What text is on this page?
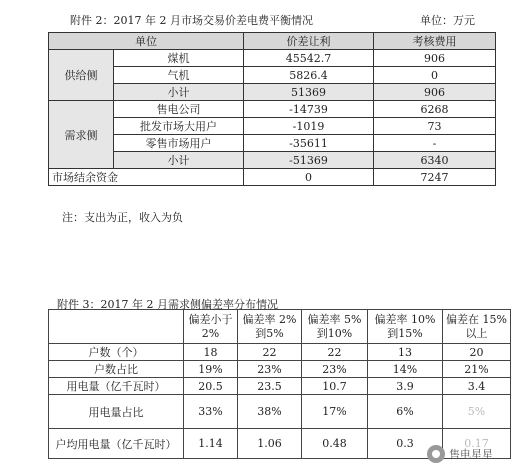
附件 2：2017 年 2 月市场交易价差电费平衡情况	单位：万元
单位		价差让利	考核费用
供给侧	煤机	45542.7	906
	气机	5826.4	0
	小计	51369	906
需求侧	售电公司	-14739	6268
	批发市场大用户	-1019	73
	零售市场用户	-35611	-
	小计	-51369	6340
市场结余资金		0	7247
注：支出为正，收入为负
附件 3：2017 年 2 月需求侧偏差率分布情况
	偏差小于2%	偏差率 2%到5%	偏差率 5%到10%	偏差率 10%到15%	偏差在 15%以上
户数（个）	18	22	22	13	20
户数占比	19%	23%	23%	14%	21%
用电量（亿千瓦时）	20.5	23.5	10.7	3.9	3.4
用电量占比	33%	38%	17%	6%	5%
户均用电量（亿千瓦时）	1.14	1.06	0.48	0.3	0.17
售电星星
